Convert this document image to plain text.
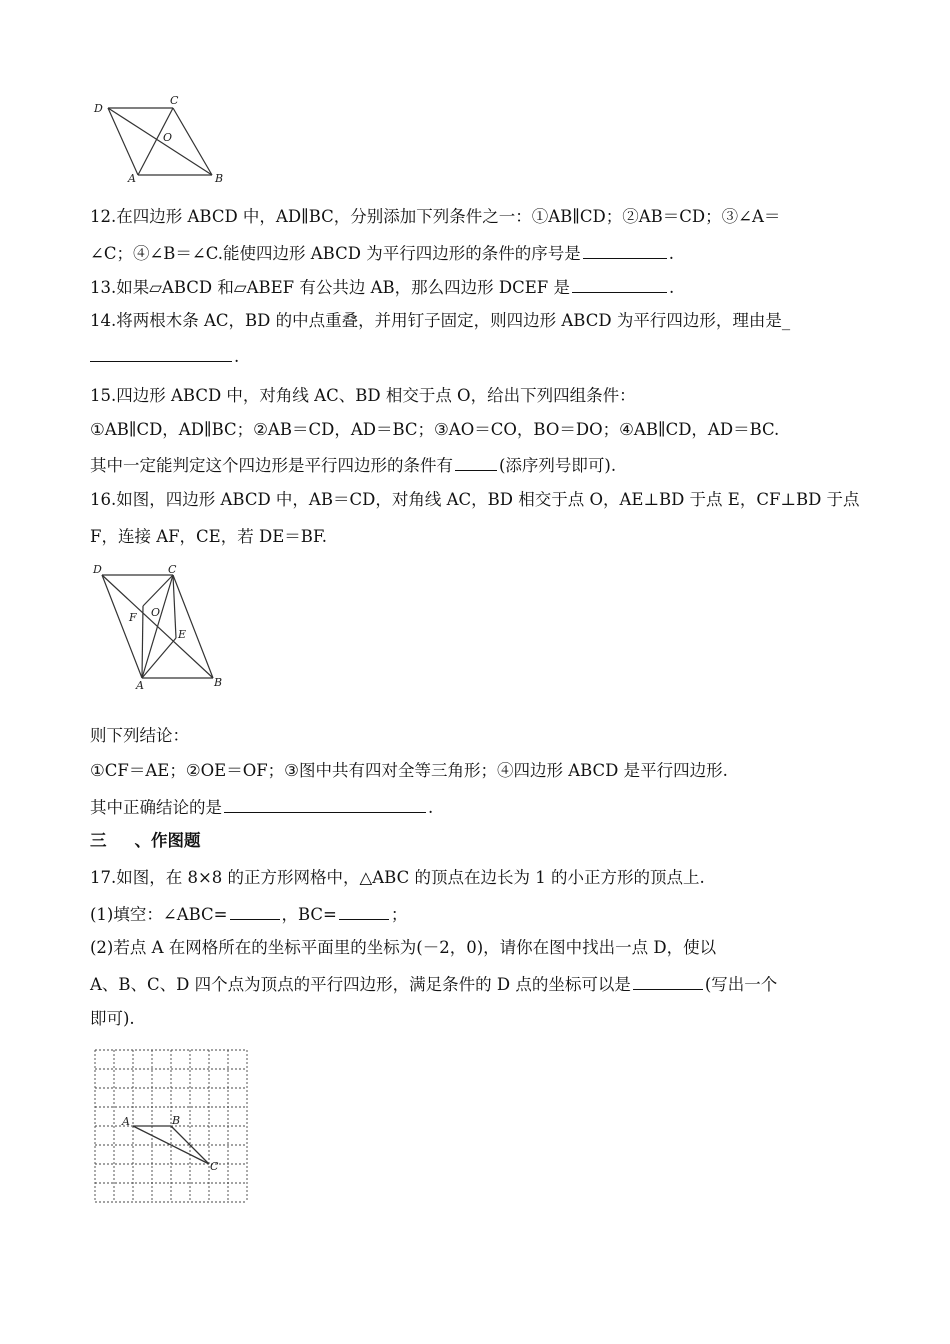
D
C
O
A	B
12.在四边形 ABCD 中，AD∥BC，分别添加下列条件之一：①AB∥CD；②AB＝CD；③∠A＝
∠C；④∠B＝∠C.能使四边形 ABCD 为平行四边形的条件的序号是	.
13.如果▱ABCD 和▱ABEF 有公共边 AB，那么四边形 DCEF 是	.
14.将两根木条 AC，BD 的中点重叠，并用钉子固定，则四边形 ABCD 为平行四边形，理由是_
.
15.四边形 ABCD 中，对角线 AC、BD 相交于点 O，给出下列四组条件：
①AB∥CD，AD∥BC；②AB＝CD，AD＝BC；③AO＝CO，BO＝DO；④AB∥CD，AD＝BC.
其中一定能判定这个四边形是平行四边形的条件有	(添序列号即可).
16.如图，四边形 ABCD 中，AB＝CD，对角线 AC，BD 相交于点 O，AE⊥BD 于点 E，CF⊥BD 于点
F，连接 AF，CE，若 DE＝BF.
D	C
F O
E
A	B
则下列结论：
①CF＝AE；②OE＝OF；③图中共有四对全等三角形；④四边形 ABCD 是平行四边形.
其中正确结论的是	.
三 、作图题
17.如图，在 8×8 的正方形网格中，△ABC 的顶点在边长为 1 的小正方形的顶点上.
(1)填空：∠ABC=	，BC=	；
(2)若点 A 在网格所在的坐标平面里的坐标为(－2，0)，请你在图中找出一点 D，使以
A、B、C、D 四个点为顶点的平行四边形，满足条件的 D 点的坐标可以是	(写出一个
即可).
A	B
C
